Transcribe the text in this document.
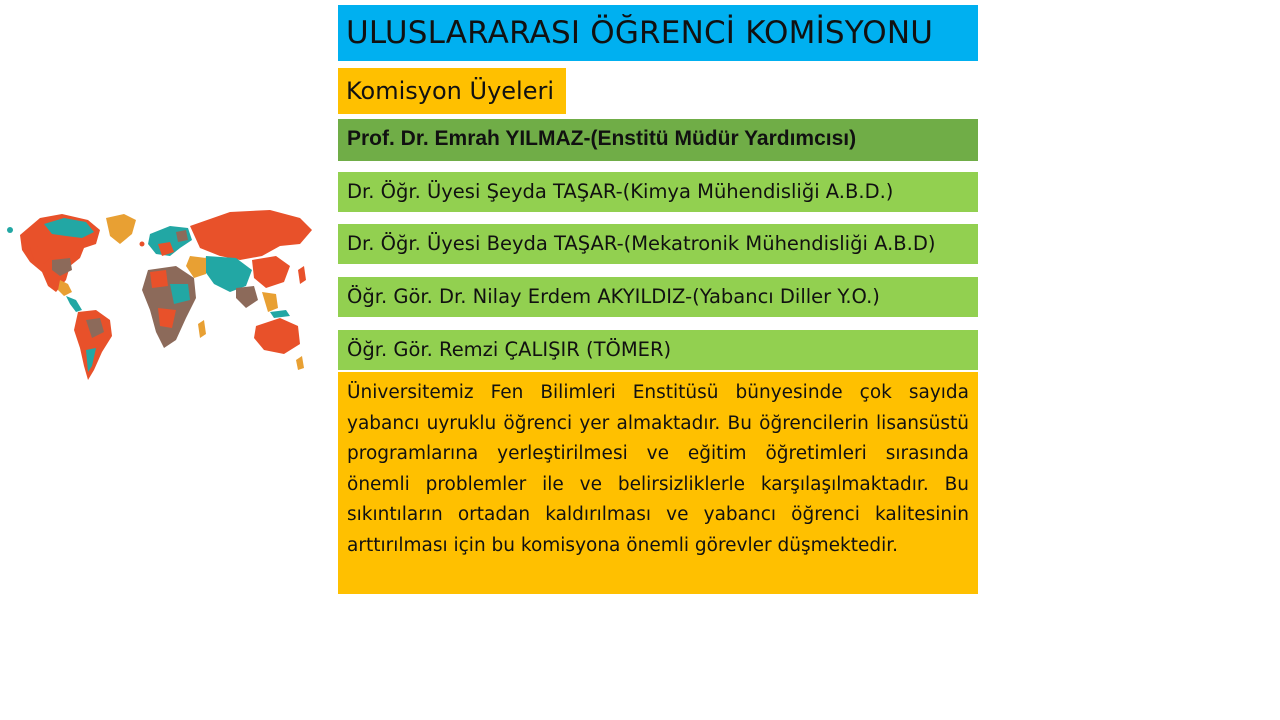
ULUSLARARASI ÖĞRENCİ KOMİSYONU
Komisyon Üyeleri
Prof. Dr. Emrah YILMAZ-(Enstitü Müdür Yardımcısı)
Dr. Öğr. Üyesi Şeyda TAŞAR-(Kimya Mühendisliği A.B.D.)
Dr. Öğr. Üyesi Beyda TAŞAR-(Mekatronik Mühendisliği A.B.D)
Öğr. Gör. Dr. Nilay Erdem AKYILDIZ-(Yabancı Diller Y.O.)
Öğr. Gör. Remzi ÇALIŞIR (TÖMER)

Üniversitemiz Fen Bilimleri Enstitüsü bünyesinde çok sayıda yabancı uyruklu öğrenci yer almaktadır. Bu öğrencilerin lisansüstü programlarına yerleştirilmesi ve eğitim öğretimleri sırasında önemli problemler ile ve belirsizliklerle karşılaşılmaktadır. Bu sıkıntıların ortadan kaldırılması ve yabancı öğrenci kalitesinin arttırılması için bu komisyona önemli görevler düşmektedir.
